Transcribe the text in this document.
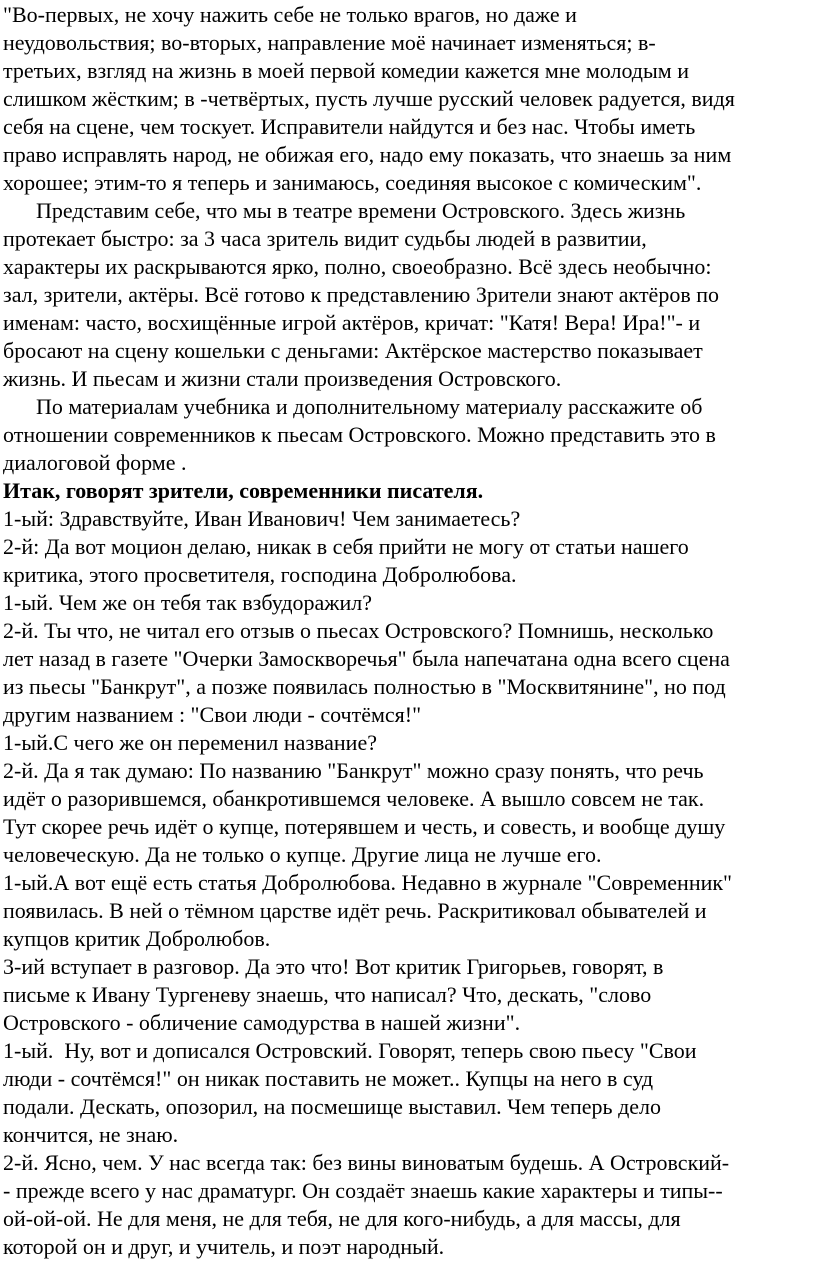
"Во-первых, не хочу нажить себе не только врагов, но даже и
неудовольствия; во-вторых, направление моё начинает изменяться; в-
третьих, взгляд на жизнь в моей первой комедии кажется мне молодым и
слишком жёстким; в -четвёртых, пусть лучше русский человек радуется, видя
себя на сцене, чем тоскует. Исправители найдутся и без нас. Чтобы иметь
право исправлять народ, не обижая его, надо ему показать, что знаешь за ним
хорошее; этим-то я теперь и занимаюсь, соединяя высокое с комическим".
Представим себе, что мы в театре времени Островского. Здесь жизнь
протекает быстро: за 3 часа зритель видит судьбы людей в развитии,
характеры их раскрываются ярко, полно, своеобразно. Всё здесь необычно:
зал, зрители, актёры. Всё готово к представлению Зрители знают актёров по
именам: часто, восхищённые игрой актёров, кричат: "Катя! Вера! Ира!"- и
бросают на сцену кошельки с деньгами: Актёрское мастерство показывает
жизнь. И пьесам и жизни стали произведения Островского.
По материалам учебника и дополнительному материалу расскажите об
отношении современников к пьесам Островского. Можно представить это в
диалоговой форме .
Итак, говорят зрители, современники писателя.
1-ый: Здравствуйте, Иван Иванович! Чем занимаетесь?
2-й: Да вот моцион делаю, никак в себя прийти не могу от статьи нашего
критика, этого просветителя, господина Добролюбова.
1-ый. Чем же он тебя так взбудоражил?
2-й. Ты что, не читал его отзыв о пьесах Островского? Помнишь, несколько
лет назад в газете "Очерки Замоскворечья" была напечатана одна всего сцена
из пьесы "Банкрут", а позже появилась полностью в "Москвитянине", но под
другим названием : "Свои люди - сочтёмся!"
1-ый.С чего же он переменил название?
2-й. Да я так думаю: По названию "Банкрут" можно сразу понять, что речь
идёт о разорившемся, обанкротившемся человеке. А вышло совсем не так.
Тут скорее речь идёт о купце, потерявшем и честь, и совесть, и вообще душу
человеческую. Да не только о купце. Другие лица не лучше его.
1-ый.А вот ещё есть статья Добролюбова. Недавно в журнале "Современник"
появилась. В ней о тёмном царстве идёт речь. Раскритиковал обывателей и
купцов критик Добролюбов.
3-ий вступает в разговор. Да это что! Вот критик Григорьев, говорят, в
письме к Ивану Тургеневу знаешь, что написал? Что, дескать, "слово
Островского - обличение самодурства в нашей жизни".
1-ый.  Ну, вот и дописался Островский. Говорят, теперь свою пьесу "Свои
люди - сочтёмся!" он никак поставить не может.. Купцы на него в суд
подали. Дескать, опозорил, на посмешище выставил. Чем теперь дело
кончится, не знаю.
2-й. Ясно, чем. У нас всегда так: без вины виноватым будешь. А Островский-
- прежде всего у нас драматург. Он создаёт знаешь какие характеры и типы--
ой-ой-ой. Не для меня, не для тебя, не для кого-нибудь, а для массы, для
которой он и друг, и учитель, и поэт народный.
